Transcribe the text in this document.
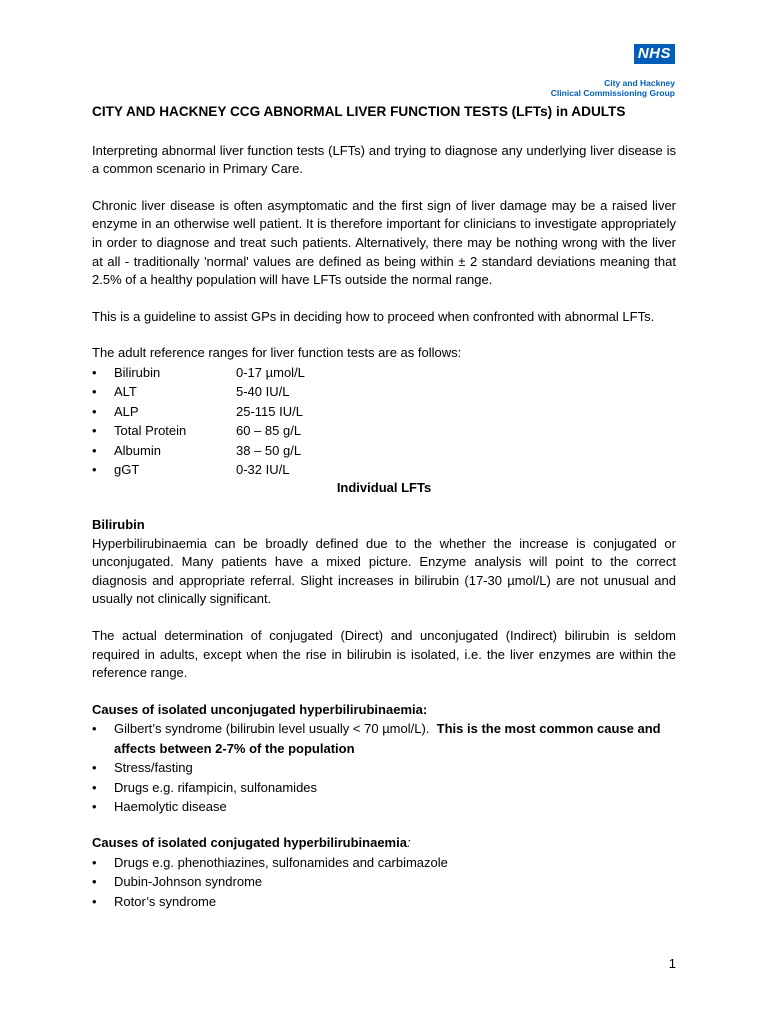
NHS
City and Hackney
Clinical Commissioning Group
CITY AND HACKNEY CCG ABNORMAL LIVER FUNCTION TESTS (LFTs) in ADULTS

Interpreting abnormal liver function tests (LFTs) and trying to diagnose any underlying liver disease is a common scenario in Primary Care.

Chronic liver disease is often asymptomatic and the first sign of liver damage may be a raised liver enzyme in an otherwise well patient. It is therefore important for clinicians to investigate appropriately in order to diagnose and treat such patients. Alternatively, there may be nothing wrong with the liver at all - traditionally 'normal' values are defined as being within ± 2 standard deviations meaning that 2.5% of a healthy population will have LFTs outside the normal range.

This is a guideline to assist GPs in deciding how to proceed when confronted with abnormal LFTs.

The adult reference ranges for liver function tests are as follows:

• Bilirubin	0-17 µmol/L
• ALT	5-40 IU/L
• ALP	25-115 IU/L
• Total Protein	60 – 85 g/L
• Albumin	38 – 50 g/L
• gGT	0-32 IU/L
Individual LFTs
Bilirubin

Hyperbilirubinaemia can be broadly defined due to the whether the increase is conjugated or unconjugated. Many patients have a mixed picture. Enzyme analysis will point to the correct diagnosis and appropriate referral. Slight increases in bilirubin (17-30 µmol/L) are not unusual and usually not clinically significant.

The actual determination of conjugated (Direct) and unconjugated (Indirect) bilirubin is seldom required in adults, except when the rise in bilirubin is isolated, i.e. the liver enzymes are within the reference range.

Causes of isolated unconjugated hyperbilirubinaemia:
• Gilbert’s syndrome (bilirubin level usually < 70 µmol/L). This is the most common cause and affects between 2-7% of the population
• Stress/fasting
• Drugs e.g. rifampicin, sulfonamides
• Haemolytic disease
Causes of isolated conjugated hyperbilirubinaemia:
• Drugs e.g. phenothiazines, sulfonamides and carbimazole
• Dubin-Johnson syndrome
• Rotor’s syndrome
1
